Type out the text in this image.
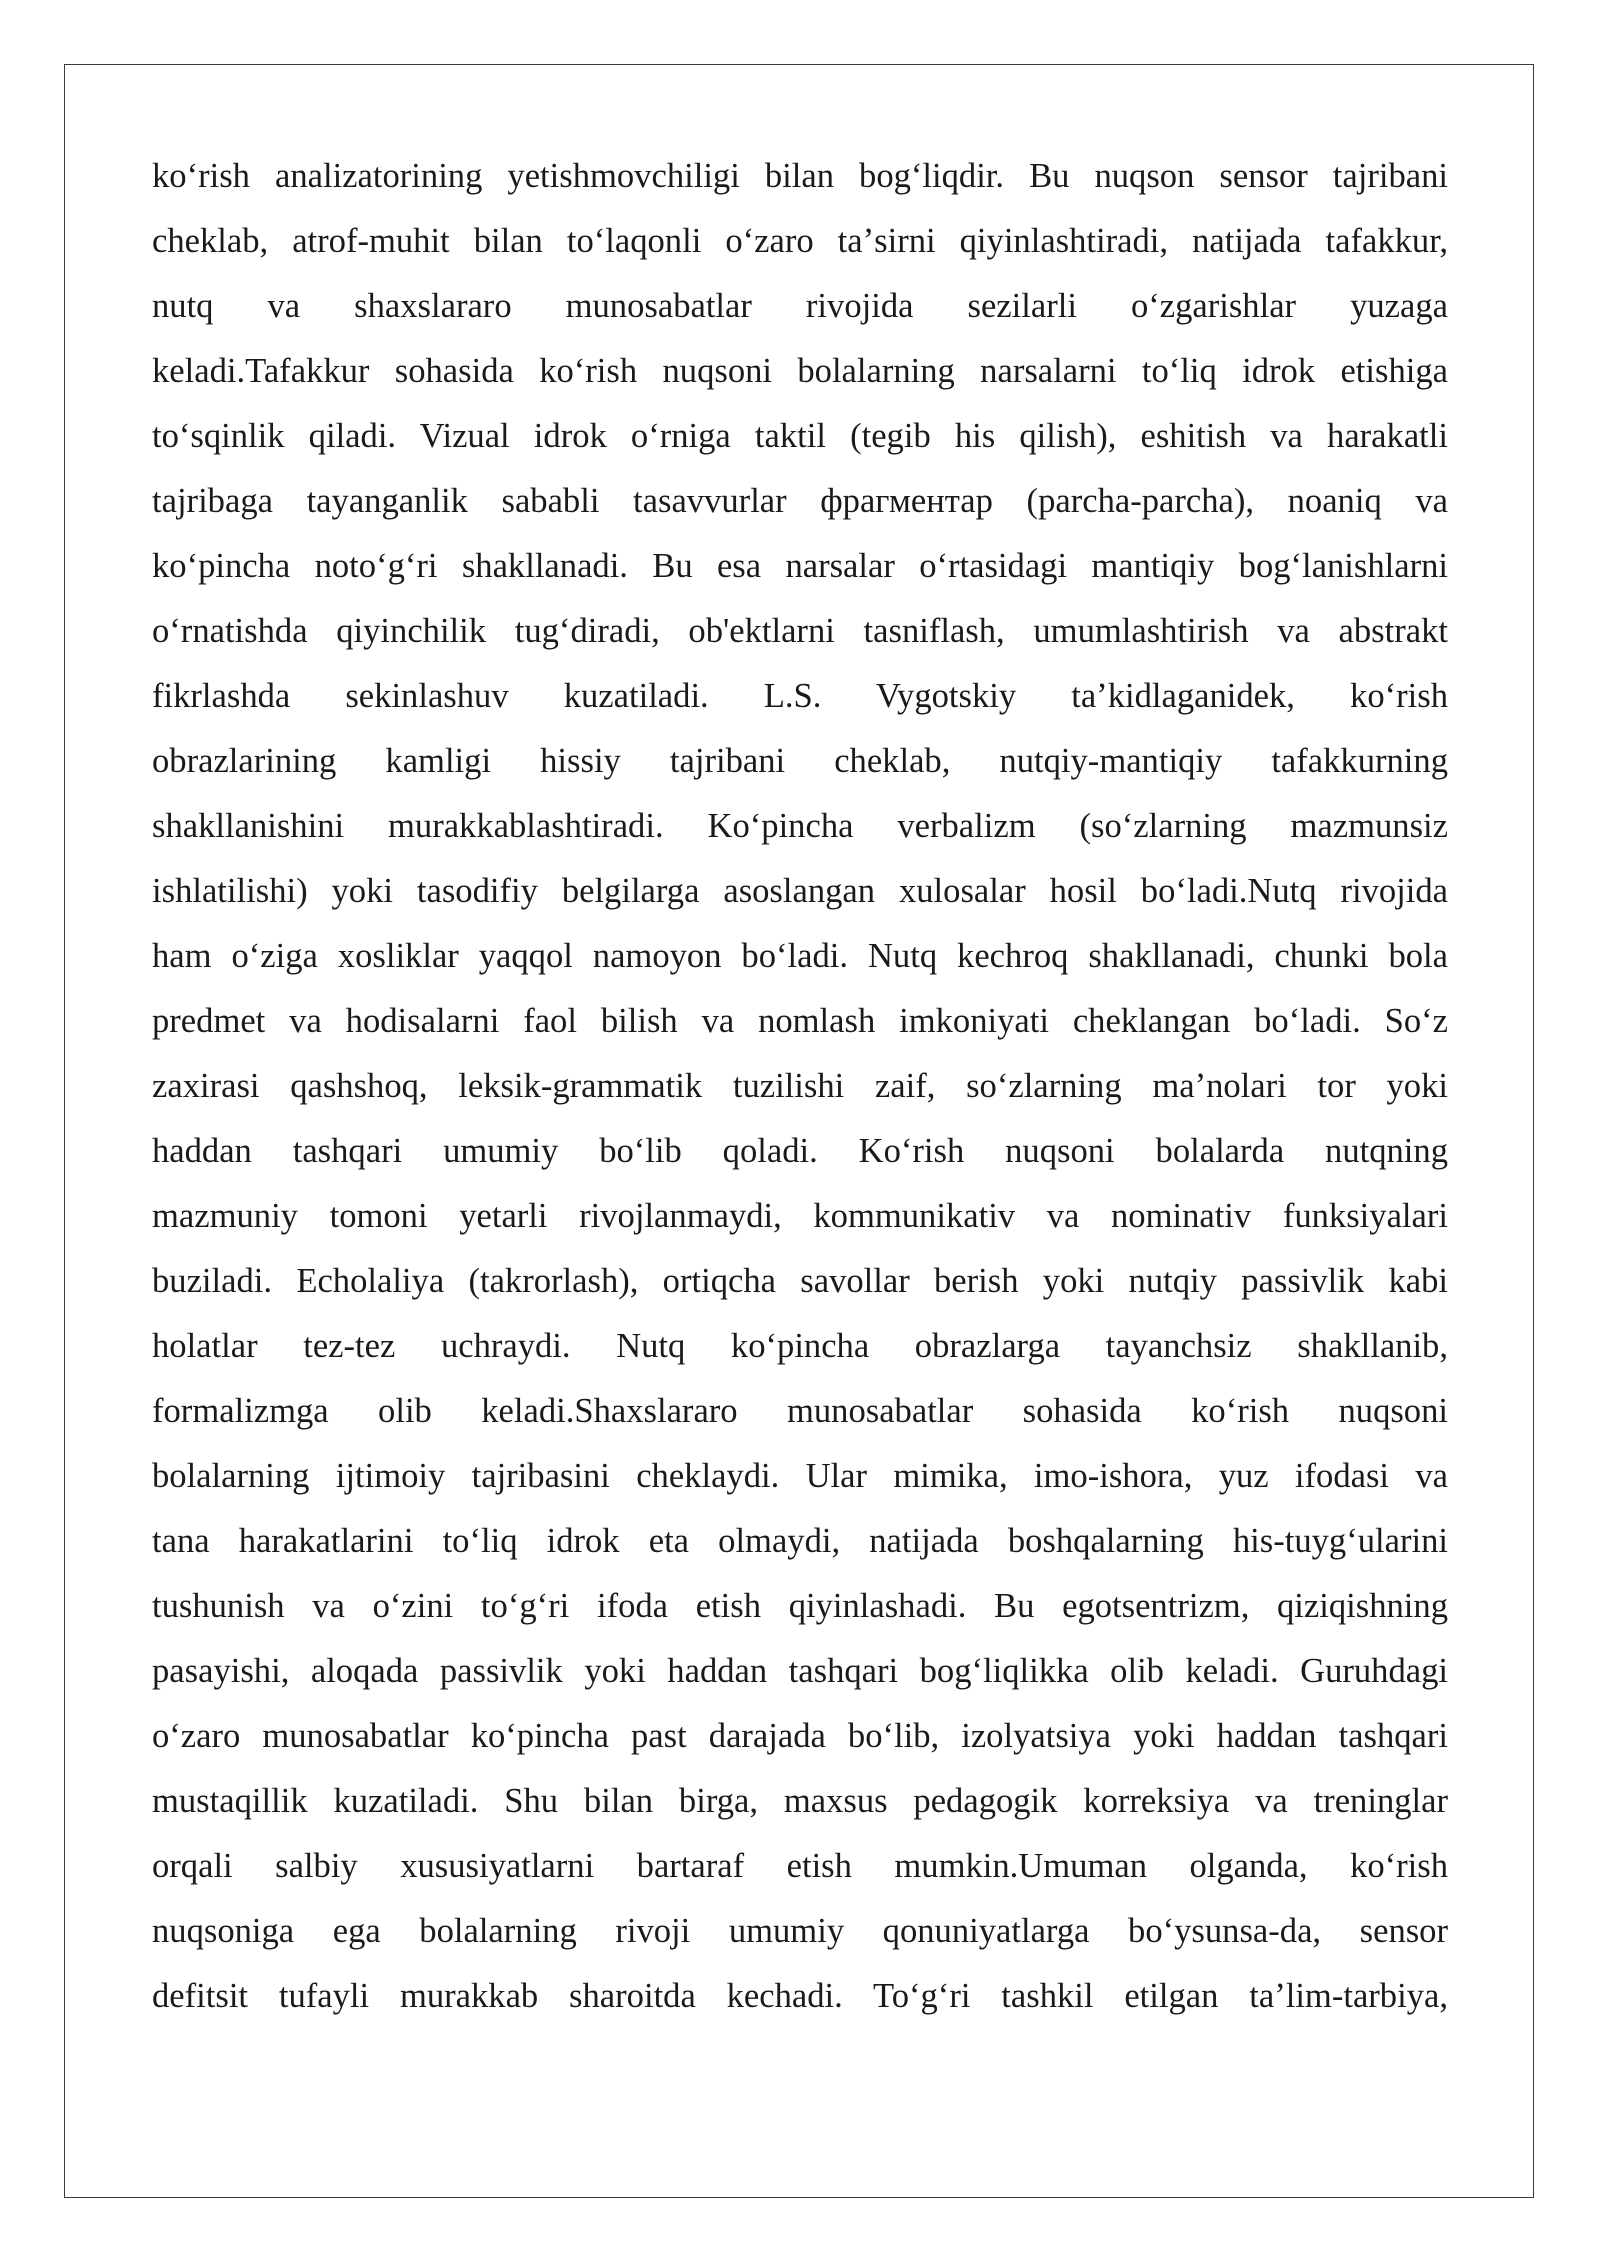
koʻrish analizatorining yetishmovchiligi bilan bogʻliqdir. Bu nuqson sensor tajribani
cheklab, atrof-muhit bilan toʻlaqonli oʻzaro taʼsirni qiyinlashtiradi, natijada tafakkur,
nutq va shaxslararo munosabatlar rivojida sezilarli oʻzgarishlar yuzaga
keladi.Tafakkur sohasida koʻrish nuqsoni bolalarning narsalarni toʻliq idrok etishiga
toʻsqinlik qiladi. Vizual idrok oʻrniga taktil (tegib his qilish), eshitish va harakatli
tajribaga tayanganlik sababli tasavvurlar фрагментар (parcha-parcha), noaniq va
koʻpincha notoʻgʻri shakllanadi. Bu esa narsalar oʻrtasidagi mantiqiy bogʻlanishlarni
oʻrnatishda qiyinchilik tugʻdiradi, ob'ektlarni tasniflash, umumlashtirish va abstrakt
fikrlashda sekinlashuv kuzatiladi. L.S. Vygotskiy taʼkidlaganidek, koʻrish
obrazlarining kamligi hissiy tajribani cheklab, nutqiy-mantiqiy tafakkurning
shakllanishini murakkablashtiradi. Koʻpincha verbalizm (soʻzlarning mazmunsiz
ishlatilishi) yoki tasodifiy belgilarga asoslangan xulosalar hosil boʻladi.Nutq rivojida
ham oʻziga xosliklar yaqqol namoyon boʻladi. Nutq kechroq shakllanadi, chunki bola
predmet va hodisalarni faol bilish va nomlash imkoniyati cheklangan boʻladi. Soʻz
zaxirasi qashshoq, leksik-grammatik tuzilishi zaif, soʻzlarning maʼnolari tor yoki
haddan tashqari umumiy boʻlib qoladi. Koʻrish nuqsoni bolalarda nutqning
mazmuniy tomoni yetarli rivojlanmaydi, kommunikativ va nominativ funksiyalari
buziladi. Echolaliya (takrorlash), ortiqcha savollar berish yoki nutqiy passivlik kabi
holatlar tez-tez uchraydi. Nutq koʻpincha obrazlarga tayanchsiz shakllanib,
formalizmga olib keladi.Shaxslararo munosabatlar sohasida koʻrish nuqsoni
bolalarning ijtimoiy tajribasini cheklaydi. Ular mimika, imo-ishora, yuz ifodasi va
tana harakatlarini toʻliq idrok eta olmaydi, natijada boshqalarning his-tuygʻularini
tushunish va oʻzini toʻgʻri ifoda etish qiyinlashadi. Bu egotsentrizm, qiziqishning
pasayishi, aloqada passivlik yoki haddan tashqari bogʻliqlikka olib keladi. Guruhdagi
oʻzaro munosabatlar koʻpincha past darajada boʻlib, izolyatsiya yoki haddan tashqari
mustaqillik kuzatiladi. Shu bilan birga, maxsus pedagogik korreksiya va treninglar
orqali salbiy xususiyatlarni bartaraf etish mumkin.Umuman olganda, koʻrish
nuqsoniga ega bolalarning rivoji umumiy qonuniyatlarga boʻysunsa-da, sensor
defitsit tufayli murakkab sharoitda kechadi. Toʻgʻri tashkil etilgan taʼlim-tarbiya,
